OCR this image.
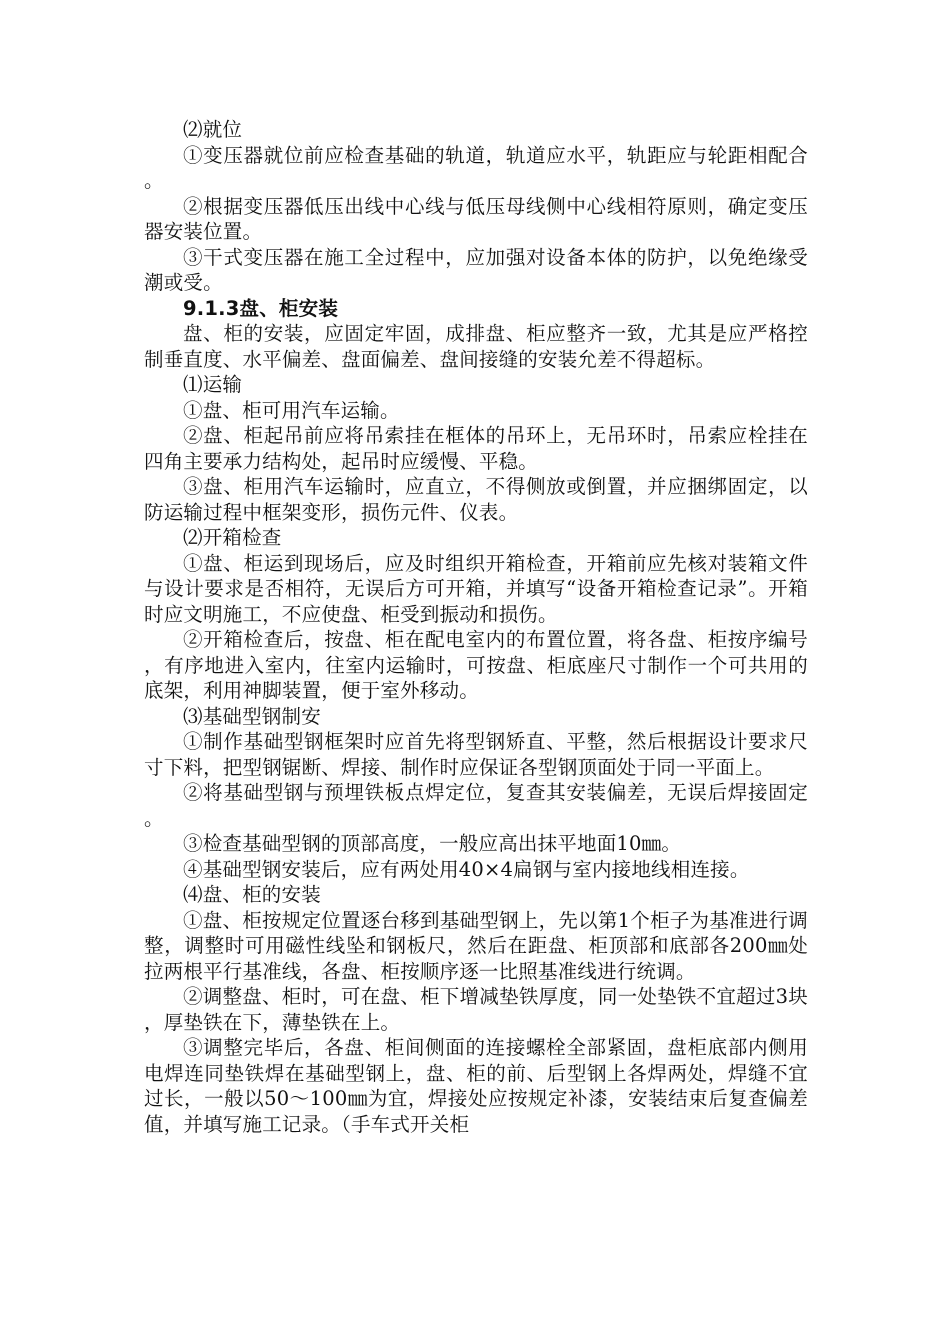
⑵就位

①变压器就位前应检查基础的轨道，轨道应水平，轨距应与轮距相配合。

②根据变压器低压出线中心线与低压母线侧中心线相符原则，确定变压器安装位置。

③干式变压器在施工全过程中，应加强对设备本体的防护，以免绝缘受潮或受。

9.1.3盘、柜安装

盘、柜的安装，应固定牢固，成排盘、柜应整齐一致，尤其是应严格控制垂直度、水平偏差、盘面偏差、盘间接缝的安装允差不得超标。

⑴运输

①盘、柜可用汽车运输。

②盘、柜起吊前应将吊索挂在框体的吊环上，无吊环时，吊索应栓挂在四角主要承力结构处，起吊时应缓慢、平稳。

③盘、柜用汽车运输时，应直立，不得侧放或倒置，并应捆绑固定，以防运输过程中框架变形，损伤元件、仪表。

⑵开箱检查

①盘、柜运到现场后，应及时组织开箱检查，开箱前应先核对装箱文件与设计要求是否相符，无误后方可开箱，并填写“设备开箱检查记录”。开箱时应文明施工，不应使盘、柜受到振动和损伤。

②开箱检查后，按盘、柜在配电室内的布置位置，将各盘、柜按序编号，有序地进入室内，往室内运输时，可按盘、柜底座尺寸制作一个可共用的底架，利用神脚装置，便于室外移动。

⑶基础型钢制安

①制作基础型钢框架时应首先将型钢矫直、平整，然后根据设计要求尺寸下料，把型钢锯断、焊接、制作时应保证各型钢顶面处于同一平面上。

②将基础型钢与预埋铁板点焊定位，复查其安装偏差，无误后焊接固定。

③检查基础型钢的顶部高度，一般应高出抹平地面10㎜。

④基础型钢安装后，应有两处用40×4扁钢与室内接地线相连接。

⑷盘、柜的安装

①盘、柜按规定位置逐台移到基础型钢上，先以第1个柜子为基准进行调整，调整时可用磁性线坠和钢板尺，然后在距盘、柜顶部和底部各200㎜处拉两根平行基准线，各盘、柜按顺序逐一比照基准线进行统调。

②调整盘、柜时，可在盘、柜下增减垫铁厚度，同一处垫铁不宜超过3块，厚垫铁在下，薄垫铁在上。

③调整完毕后，各盘、柜间侧面的连接螺栓全部紧固，盘柜底部内侧用电焊连同垫铁焊在基础型钢上，盘、柜的前、后型钢上各焊两处，焊缝不宜过长，一般以50～100㎜为宜，焊接处应按规定补漆，安装结束后复查偏差值，并填写施工记录。（手车式开关柜
